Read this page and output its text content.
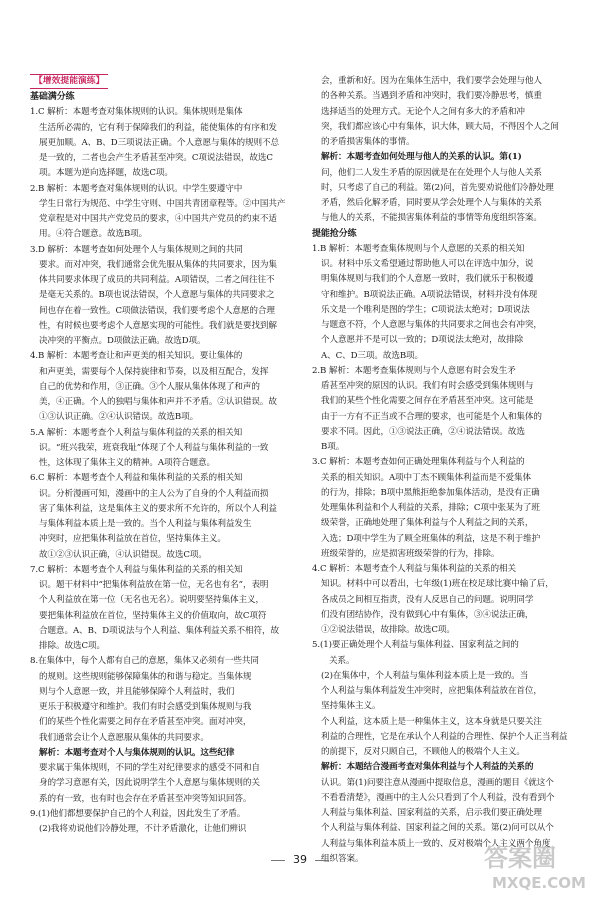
【增效提能演练】
基础满分练
1.C 解析：本题考查对集体规则的认识。集体规则是集体
生活所必需的，它有利于保障我们的利益，能使集体的有序和发
展更加顺。A、B、D三项说法正确。个人意愿与集体的规则不总
是一致的，二者也会产生矛盾甚至冲突。C项说法错误，故选C
项。本题为逆向选择题，故选C项。
2.B 解析：本题考查对集体规则的认识。中学生要遵守中
学生日常行为规范、中学生守则、中国共青团章程等。②中国共产
党章程是对中国共产党党员的要求，④中国共产党员的约束不适
用。④符合题意。故选B项。
3.D 解析：本题考查如何处理个人与集体规则之间的共同
要求。而对冲突，我们通常会优先服从集体的共同要求，因为集
体共同要求体现了成员的共同利益。A项错误，二者之间往往不
是毫无关系的。B项也说法错误，个人意愿与集体的共同要求之
间也存在着一致性。C项做法错误，我们要考虑个人意愿的合理
性，有时候也要考虑个人意愿实现的可能性。我们就是要找到解
决冲突的平衡点。D项做法正确。故选D项。
4.B 解析：本题考查让和声更美的相关知识。要让集体的
和声更美，需要每个人保持旋律和节奏，以及相互配合，发挥
自己的优势和作用，③正确。③个人服从集体体现了和声的
美，④正确。个人的独唱与集体和声并不矛盾。②认识错误。故
①③认识正确。②④认识错误。故选B项。
5.A 解析：本题考查个人利益与集体利益的关系的相关知
识。“班兴我荣，班衰我耻”体现了个人利益与集体利益的一致
性，这体现了集体主义的精神。A项符合题意。
6.C 解析：本题考查个人利益和集体利益的关系的相关知
识。分析漫画可知，漫画中的主人公为了自身的个人利益而损
害了集体利益，这是集体主义的要求所不允许的，所以个人利益
与集体利益本质上是一致的。当个人利益与集体利益发生
冲突时，应把集体利益放在首位，坚持集体主义。
故①②③认识正确，④认识错误。故选C项。
7.C 解析：本题考查个人利益与集体利益的关系的相关知
识。题干材料中“把集体利益放在第一位，无名也有名”，表明
个人利益放在第一位（无名也无名）。说明要坚持集体主义，
要把集体利益放在首位，坚持集体主义的价值取向，故C项符
合题意。A、B、D项说法与个人利益、集体利益关系不相符，故
排除。故选C项。
8.在集体中，每个人都有自己的意愿，集体又必须有一些共同
的规则。这些规则能够保障集体的和谐与稳定。当集体规
则与个人意愿一致，并且能够保障个人利益时，我们
更乐于积极遵守和维护。我们有时会感受到集体规则与我
们的某些个性化需要之间存在矛盾甚至冲突。面对冲突，
我们通常会让个人意愿服从集体的共同要求。
解析：本题考查对个人与集体规则的认识。这些纪律
要求属于集体规则，不同的学生对纪律要求的感受不同和自
身的学习意愿有关，因此说明学生个人意愿与集体规则的关
系的有一致，也有时也会存在矛盾甚至冲突等知识回答。
9.(1)他们都想要保护自己的个人利益，因此发生了矛盾。
(2)我将劝说他们冷静处理，不计矛盾激化，让他们辨识
会，重新和好。因为在集体生活中，我们要学会处理与他人
的各种关系。当遇到矛盾和冲突时，我们要冷静思考，慎重
选择适当的处理方式。无论个人之间有多大的矛盾和冲
突，我们都应该心中有集体，识大体，顾大局，不得因个人之间
的矛盾损害集体的事情。
解析：本题考查如何处理与他人的关系的认识。第(1)
问，他们二人发生矛盾的原因就是在在处理个人与他人关系
时，只考虑了自己的利益。第(2)问，首先要劝说他们冷静处理
矛盾，然后化解矛盾，同时要从学会处理个人与集体的关系
与他人的关系，不能损害集体利益的事情等角度组织答案。
提能抢分练
1.B 解析：本题考查集体规则与个人意愿的关系的相关知
识。材料中乐文希望通过帮助他人可以在评选中加分，说
明集体规则与我们的个人意愿一致时，我们就乐于积极遵
守和维护。B项说法正确。A项说法错误，材料并没有体现
乐文是一个唯利是图的学生；C项说法太绝对；D项说法
与题意不符，个人意愿与集体的共同要求之间也会有冲突，
个人意愿并不是可以一致的；D项说法太绝对，故排除
A、C、D三项。故选B项。
2.B 解析：本题考查集体规则与个人意愿有时会发生矛
盾甚至冲突的原因的认识。我们有时会感受到集体规则与
我们的某些个性化需要之间存在矛盾甚至冲突。这可能是
由于一方有不正当或不合理的要求，也可能是个人和集体的
要求不同。因此，①③说法正确，②④说法错误。故选
B项。
3.C 解析：本题考查如何正确处理集体利益与个人利益的
关系的相关知识。A项中丁杰不顾集体利益而是不爱集体
的行为，排除；B项中黑熊拒绝参加集体活动，是没有正确
处理集体利益和个人利益的关系，排除；C项中张某为了班
级荣誉，正确地处理了集体利益与个人利益之间的关系，
入选；D项中学生为了顾全班集体的利益，这是不利于维护
班级荣誉的，应是损害班级荣誉的行为，排除。
4.C 解析：本题考查个人利益与集体利益的关系的相关
知识。材料中可以看出，七年级(1)班在校足球比赛中输了后，
各成员之间相互指责，没有人反思自己的问题。说明同学
们没有团结协作，没有做到心中有集体，③④说法正确，
①②说法错误，故排除。故选C项。
5.(1)要正确处理个人利益与集体利益、国家利益之间的
关系。
(2)在集体中，个人利益与集体利益本质上是一致的。当
个人利益与集体利益发生冲突时，应把集体利益放在首位，
坚持集体主义。
个人利益，这本质上是一种集体主义，这本身就是只要关注
利益的合理性，它是在承认个人利益的合理性、保护个人正当利益
的前提下，反对只顾自己，不顾他人的极端个人主义。
解析：本题结合漫画考查对集体利益与个人利益的关系的
认识。第(1)问要注意从漫画中提取信息，漫画的题目《就这个
不看看清楚》，漫画中的主人公只看到了个人利益，没有看到个
人利益与集体利益、国家利益的关系，启示我们要正确处理
个人利益与集体利益、国家利益之间的关系。第(2)问可以从个
人利益与集体利益本质上一致的、反对极端个人主义两个角度
组织答案。
39	答案圈
MXQE.COM
